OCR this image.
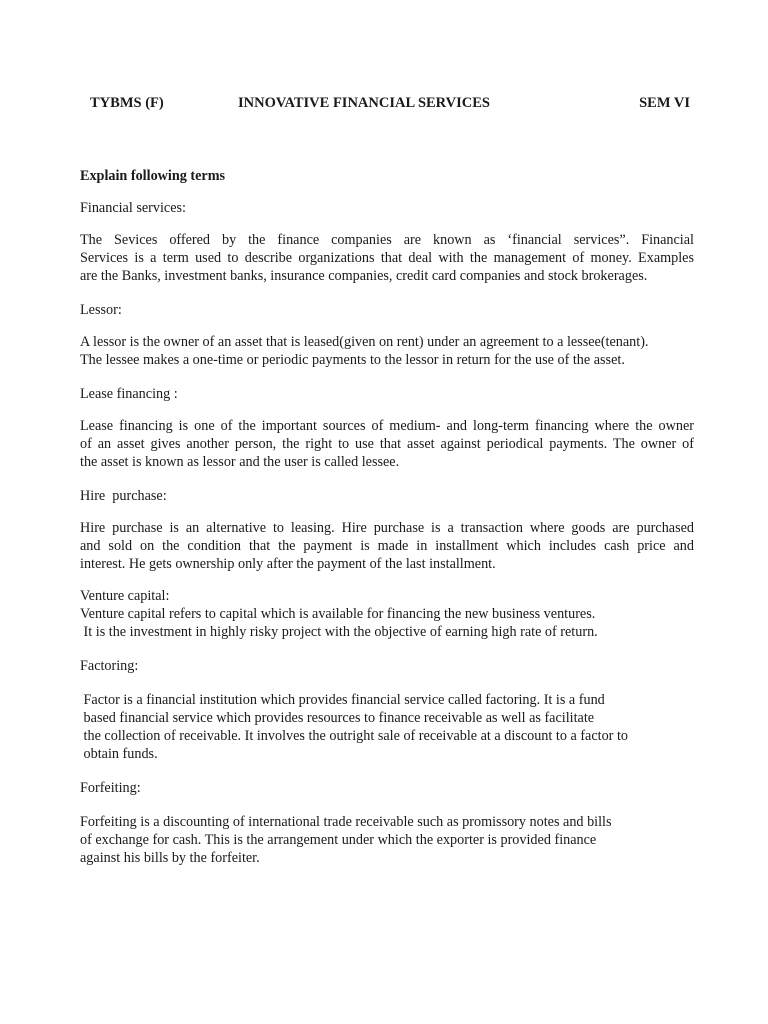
TYBMS (F)	INNOVATIVE FINANCIAL SERVICES	SEM VI
Explain following terms
Financial services:
The Sevices offered by the finance companies are known as ‘financial services”. Financial
Services is a term used to describe organizations that deal with the management of money. Examples
are the Banks, investment banks, insurance companies, credit card companies and stock brokerages.
Lessor:
A lessor is the owner of an asset that is leased(given on rent) under an agreement to a lessee(tenant).
The lessee makes a one-time or periodic payments to the lessor in return for the use of the asset.
Lease financing :
Lease financing is one of the important sources of medium- and long-term financing where the owner
of an asset gives another person, the right to use that asset against periodical payments. The owner of
the asset is known as lessor and the user is called lessee.
Hire  purchase:
Hire purchase is an alternative to leasing. Hire purchase is a transaction where goods are purchased
and sold on the condition that the payment is made in installment which includes cash price and
interest. He gets ownership only after the payment of the last installment.
Venture capital:
Venture capital refers to capital which is available for financing the new business ventures.
It is the investment in highly risky project with the objective of earning high rate of return.
Factoring:
Factor is a financial institution which provides financial service called factoring. It is a fund
based financial service which provides resources to finance receivable as well as facilitate
the collection of receivable. It involves the outright sale of receivable at a discount to a factor to
obtain funds.
Forfeiting:
Forfeiting is a discounting of international trade receivable such as promissory notes and bills
of exchange for cash. This is the arrangement under which the exporter is provided finance
against his bills by the forfeiter.
